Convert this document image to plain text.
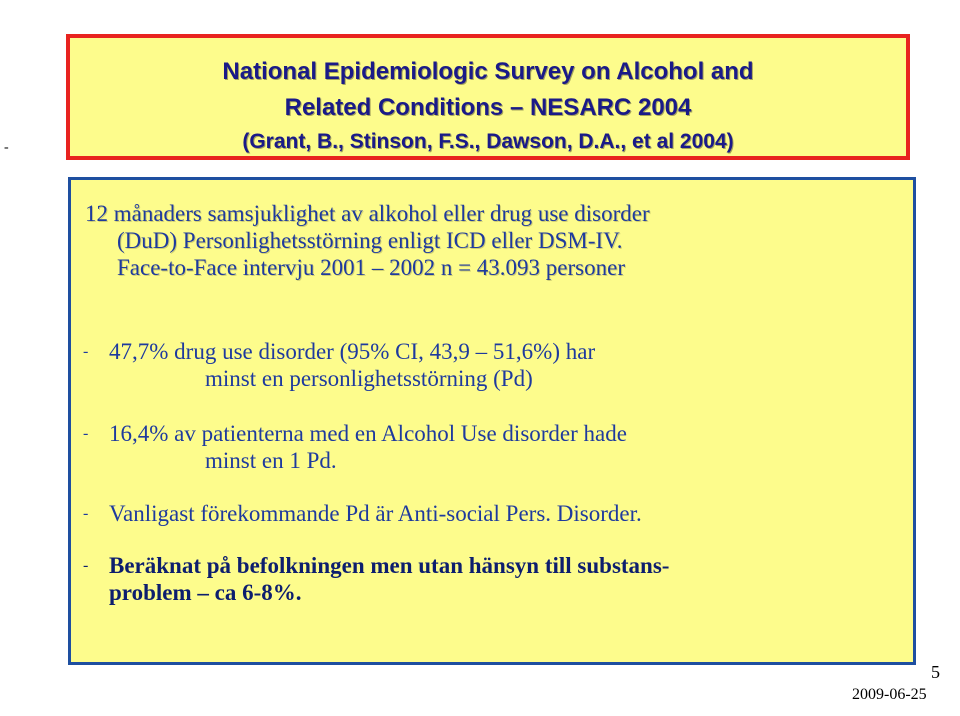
-
National Epidemiologic Survey on Alcohol and
Related Conditions – NESARC 2004
(Grant, B., Stinson, F.S., Dawson, D.A., et al 2004)
12 månaders samsjuklighet av alkohol eller drug use disorder
(DuD) Personlighetsstörning enligt ICD eller DSM-IV.
Face-to-Face intervju 2001 – 2002 n = 43.093 personer
- 47,7% drug use disorder (95% CI, 43,9 – 51,6%) har
minst en personlighetsstörning (Pd)
- 16,4% av patienterna med en Alcohol Use disorder hade
minst en 1 Pd.
- Vanligast förekommande Pd är Anti-social Pers. Disorder.
- Beräknat på befolkningen men utan hänsyn till substans-
problem – ca 6-8%.
5
2009-06-25
